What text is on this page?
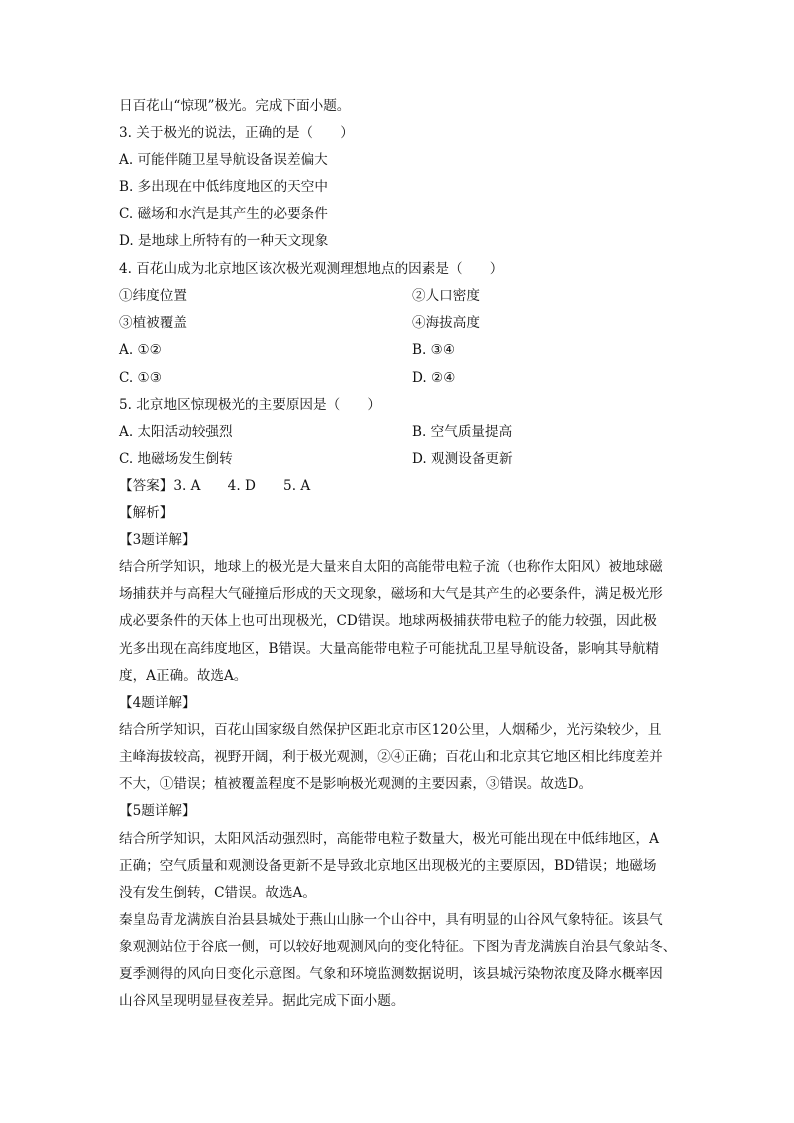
日百花山“惊现”极光。完成下面小题。
3. 关于极光的说法，正确的是（　　）
A. 可能伴随卫星导航设备误差偏大
B. 多出现在中低纬度地区的天空中
C. 磁场和水汽是其产生的必要条件
D. 是地球上所特有的一种天文现象
4. 百花山成为北京地区该次极光观测理想地点的因素是（　　）
①纬度位置	②人口密度
③植被覆盖	④海拔高度
A. ①②	B. ③④
C. ①③	D. ②④
5. 北京地区惊现极光的主要原因是（　　）
A. 太阳活动较强烈	B. 空气质量提高
C. 地磁场发生倒转	D. 观测设备更新
【答案】3. A　　4. D　　5. A
【解析】
【3题详解】
结合所学知识，地球上的极光是大量来自太阳的高能带电粒子流（也称作太阳风）被地球磁
场捕获并与高程大气碰撞后形成的天文现象，磁场和大气是其产生的必要条件，满足极光形
成必要条件的天体上也可出现极光，CD错误。地球两极捕获带电粒子的能力较强，因此极
光多出现在高纬度地区，B错误。大量高能带电粒子可能扰乱卫星导航设备，影响其导航精
度，A正确。故选A。
【4题详解】
结合所学知识，百花山国家级自然保护区距北京市区120公里，人烟稀少，光污染较少，且
主峰海拔较高，视野开阔，利于极光观测，②④正确；百花山和北京其它地区相比纬度差并
不大，①错误；植被覆盖程度不是影响极光观测的主要因素，③错误。故选D。
【5题详解】
结合所学知识，太阳风活动强烈时，高能带电粒子数量大，极光可能出现在中低纬地区，A
正确；空气质量和观测设备更新不是导致北京地区出现极光的主要原因，BD错误；地磁场
没有发生倒转，C错误。故选A。
秦皇岛青龙满族自治县县城处于燕山山脉一个山谷中，具有明显的山谷风气象特征。该县气
象观测站位于谷底一侧，可以较好地观测风向的变化特征。下图为青龙满族自治县气象站冬、
夏季测得的风向日变化示意图。气象和环境监测数据说明，该县城污染物浓度及降水概率因
山谷风呈现明显昼夜差异。据此完成下面小题。
